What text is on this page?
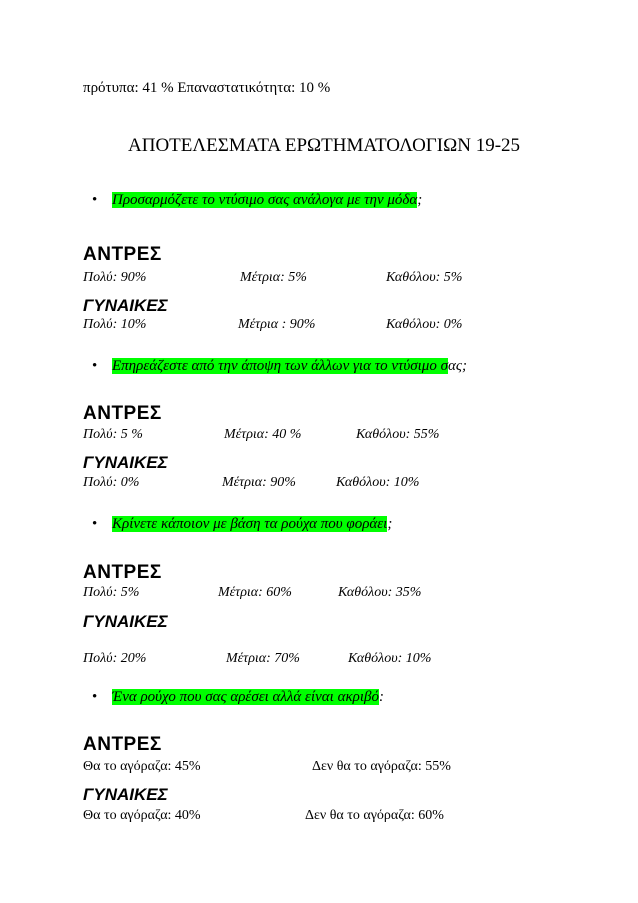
πρότυπα: 41 % Επαναστατικότητα: 10 %
ΑΠΟΤΕΛΕΣΜΑΤΑ ΕΡΩΤΗΜΑΤΟΛΟΓΙΩΝ 19-25
• Προσαρμόζετε το ντύσιμο σας ανάλογα με την μόδα;
ΑΝΤΡΕΣ
Πολύ: 90%	Μέτρια: 5%	Καθόλου: 5%
ΓΥΝΑΙΚΕΣ
Πολύ: 10%	Μέτρια : 90%	Καθόλου: 0%
• Επηρεάζεστε από την άποψη των άλλων για το ντύσιμο σας;
ΑΝΤΡΕΣ
Πολύ: 5 %	Μέτρια: 40 %	Καθόλου: 55%
ΓΥΝΑΙΚΕΣ
Πολύ: 0%	Μέτρια: 90%	Καθόλου: 10%
• Κρίνετε κάποιον με βάση τα ρούχα που φοράει;
ΑΝΤΡΕΣ
Πολύ: 5%	Μέτρια: 60%	Καθόλου: 35%
ΓΥΝΑΙΚΕΣ
Πολύ: 20%	Μέτρια: 70%	Καθόλου: 10%
• Ένα ρούχο που σας αρέσει αλλά είναι ακριβό:
ΑΝΤΡΕΣ
Θα το αγόραζα: 45%	Δεν θα το αγόραζα: 55%
ΓΥΝΑΙΚΕΣ
Θα το αγόραζα: 40%	Δεν θα το αγόραζα: 60%
